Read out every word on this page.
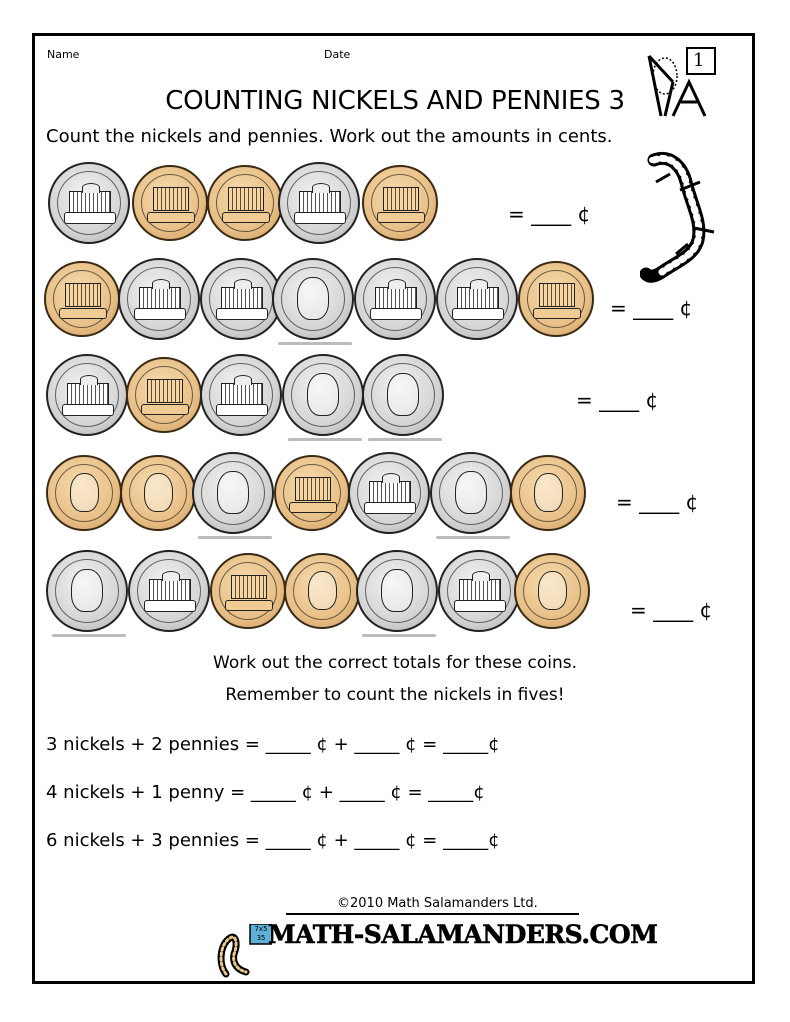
Name	Date	1
COUNTING NICKELS AND PENNIES 3
Count the nickels and pennies. Work out the amounts in cents.
= ____ ¢
= ____ ¢
= ____ ¢
= ____ ¢
= ____ ¢
Work out the correct totals for these coins.
Remember to count the nickels in fives!
3 nickels + 2 pennies = _____ ¢ + _____ ¢ = _____¢
4 nickels + 1 penny = _____ ¢ + _____ ¢ = _____¢
6 nickels + 3 pennies = _____ ¢ + _____ ¢ = _____¢
©2010 Math Salamanders Ltd.
7x5 35 MATH-SALAMANDERS.COM
